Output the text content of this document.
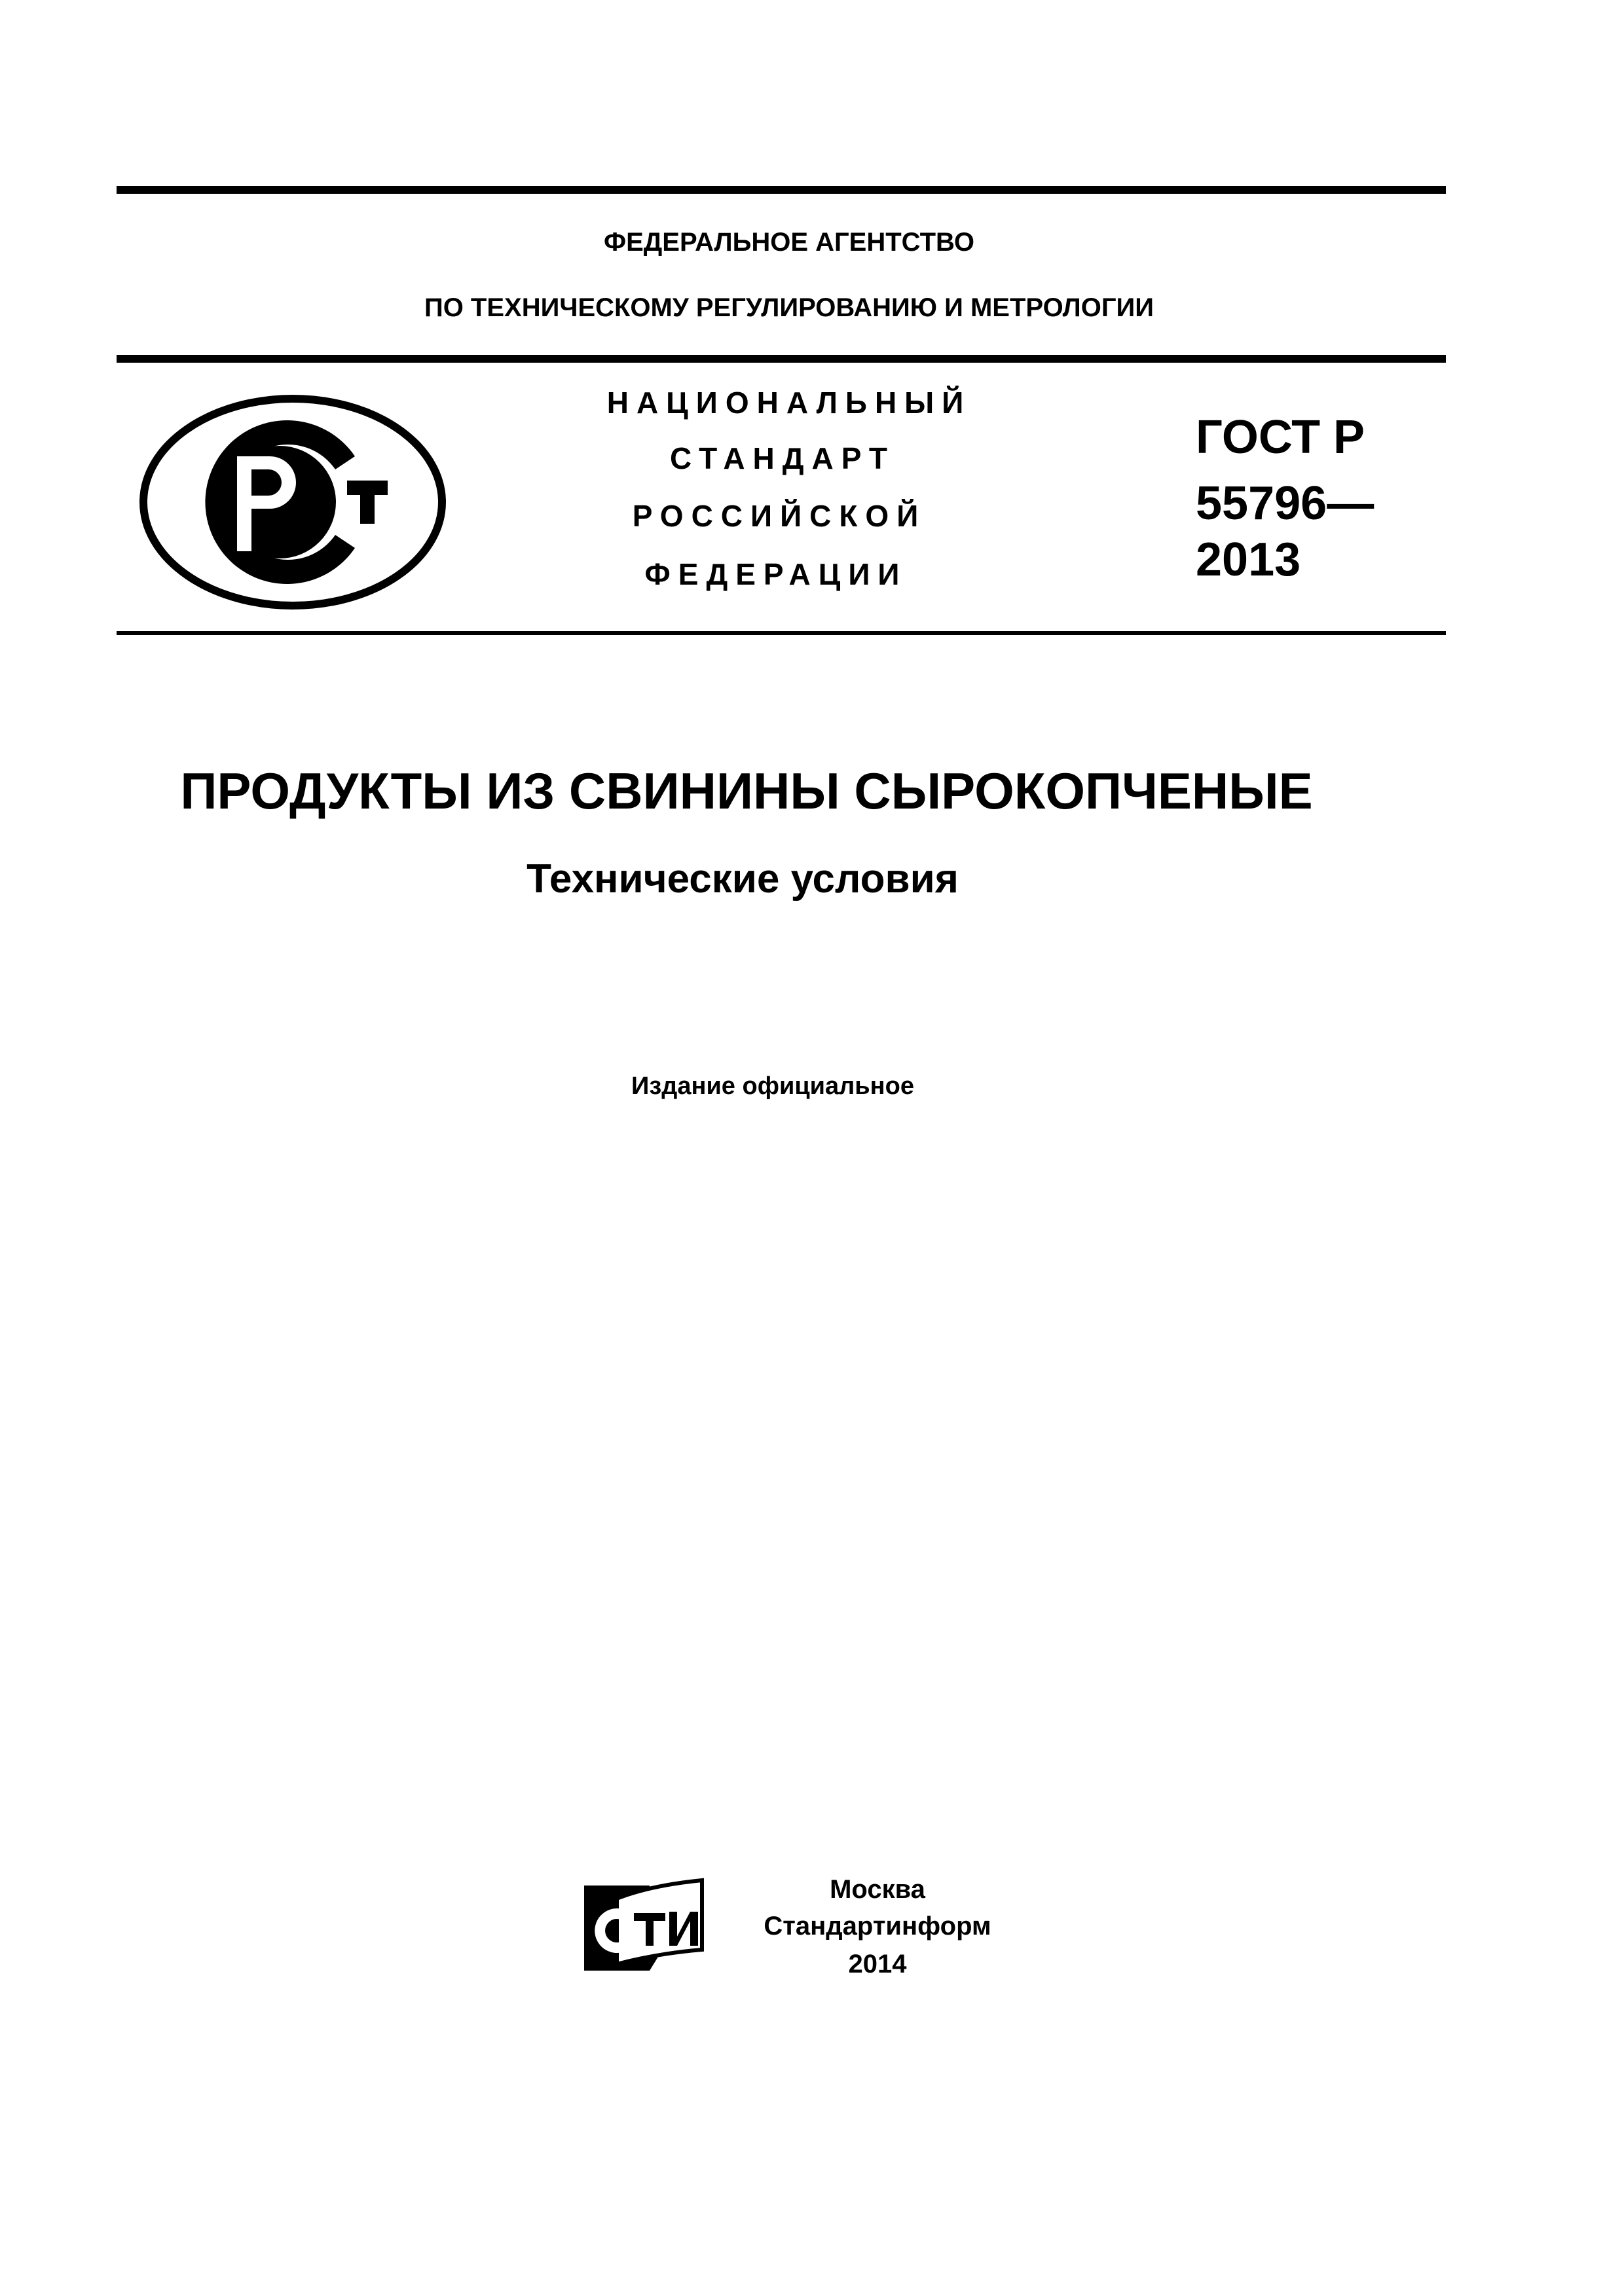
ФЕДЕРАЛЬНОЕ АГЕНТСТВО
ПО ТЕХНИЧЕСКОМУ РЕГУЛИРОВАНИЮ И МЕТРОЛОГИИ
НАЦИОНАЛЬНЫЙ
СТАНДАРТ
РОССИЙСКОЙ
ФЕДЕРАЦИИ
ГОСТ Р
55796—
2013
ПРОДУКТЫ ИЗ СВИНИНЫ СЫРОКОПЧЕНЫЕ
Технические условия
Издание официальное
Москва
Стандартинформ
2014
